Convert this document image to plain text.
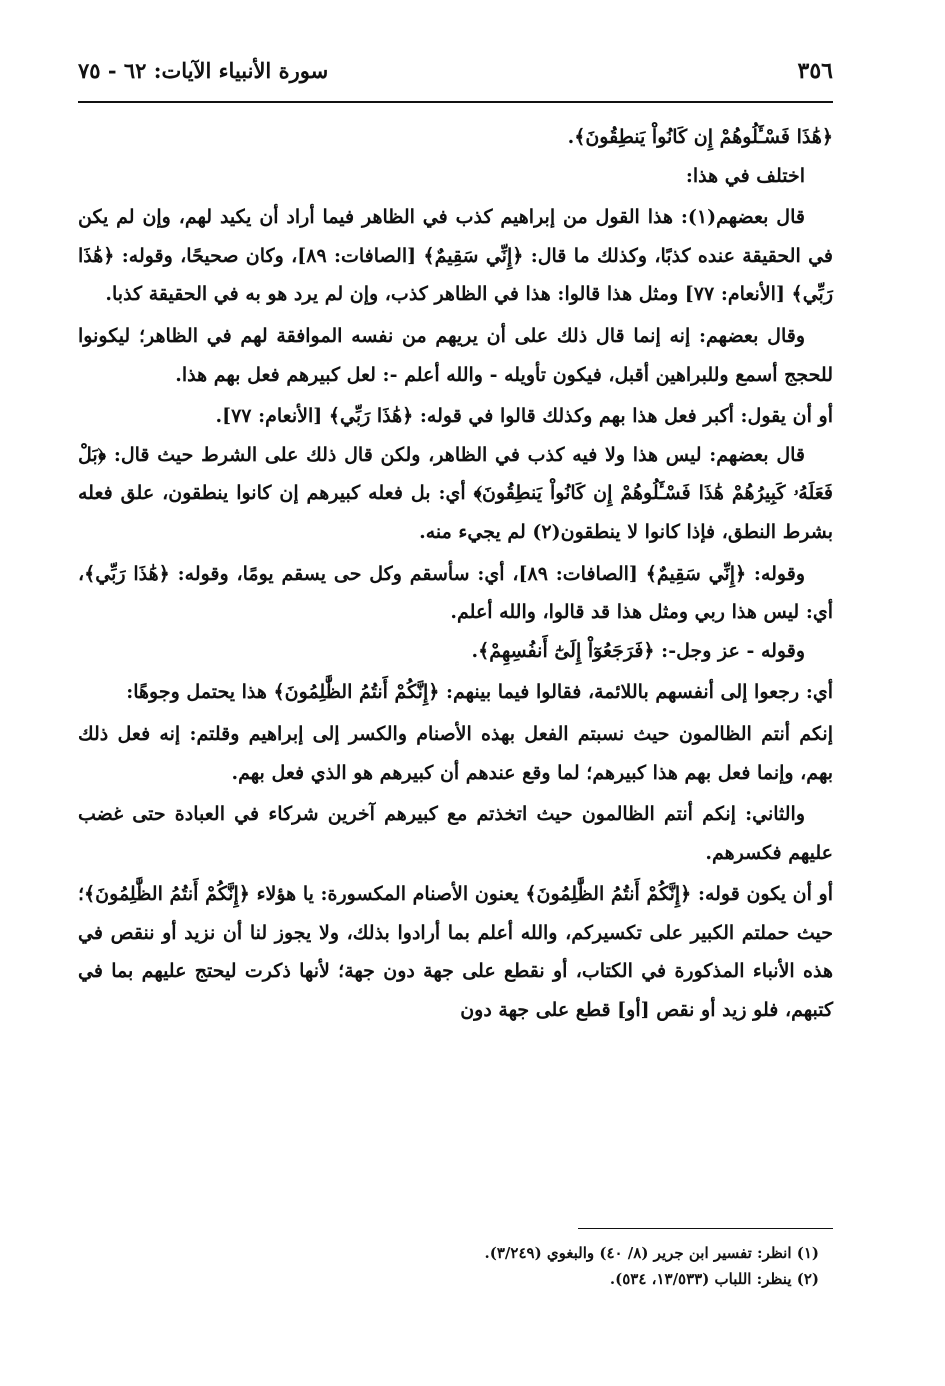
٣٥٦
سورة الأنبياء الآيات: ٦٢ - ٧٥

﴿هَٰذَا فَسْـَٔلُوهُمْ إِن كَانُواْ يَنطِقُونَ﴾.

اختلف في هذا:

قال بعضهم(١): هذا القول من إبراهيم كذب في الظاهر فيما أراد أن يكيد لهم، وإن لم يكن في الحقيقة عنده كذبًا، وكذلك ما قال: ﴿إِنِّي سَقِيمٌ﴾ [الصافات: ٨٩]، وكان صحيحًا، وقوله: ﴿هَٰذَا رَبِّي﴾ [الأنعام: ٧٧] ومثل هذا قالوا: هذا في الظاهر كذب، وإن لم يرد هو به في الحقيقة كذبا.

وقال بعضهم: إنه إنما قال ذلك على أن يريهم من نفسه الموافقة لهم في الظاهر؛ ليكونوا للحجج أسمع وللبراهين أقبل، فيكون تأويله - والله أعلم -: لعل كبيرهم فعل بهم هذا.

أو أن يقول: أكبر فعل هذا بهم وكذلك قالوا في قوله: ﴿هَٰذَا رَبِّي﴾ [الأنعام: ٧٧].

قال بعضهم: ليس هذا ولا فيه كذب في الظاهر، ولكن قال ذلك على الشرط حيث قال: ﴿بَلْ فَعَلَهُۥ كَبِيرُهُمْ هَٰذَا فَسْـَٔلُوهُمْ إِن كَانُواْ يَنطِقُونَ﴾ أي: بل فعله كبيرهم إن كانوا ينطقون، علق فعله بشرط النطق، فإذا كانوا لا ينطقون(٢) لم يجيء منه.

وقوله: ﴿إِنِّي سَقِيمٌ﴾ [الصافات: ٨٩]، أي: سأسقم وكل حى يسقم يومًا، وقوله: ﴿هَٰذَا رَبِّي﴾، أي: ليس هذا ربي ومثل هذا قد قالوا، والله أعلم.

وقوله - عز وجل-: ﴿فَرَجَعُوٓاْ إِلَىٰٓ أَنفُسِهِمْ﴾.

أي: رجعوا إلى أنفسهم باللائمة، فقالوا فيما بينهم: ﴿إِنَّكُمْ أَنتُمُ الظَّٰلِمُونَ﴾ هذا يحتمل وجوهًا:

إنكم أنتم الظالمون حيث نسبتم الفعل بهذه الأصنام والكسر إلى إبراهيم وقلتم: إنه فعل ذلك بهم، وإنما فعل بهم هذا كبيرهم؛ لما وقع عندهم أن كبيرهم هو الذي فعل بهم.

والثاني: إنكم أنتم الظالمون حيث اتخذتم مع كبيرهم آخرين شركاء في العبادة حتى غضب عليهم فكسرهم.

أو أن يكون قوله: ﴿إِنَّكُمْ أَنتُمُ الظَّٰلِمُونَ﴾ يعنون الأصنام المكسورة: يا هؤلاء ﴿إِنَّكُمْ أَنتُمُ الظَّٰلِمُونَ﴾؛ حيث حملتم الكبير على تكسيركم، والله أعلم بما أرادوا بذلك، ولا يجوز لنا أن نزيد أو ننقص في هذه الأنباء المذكورة في الكتاب، أو نقطع على جهة دون جهة؛ لأنها ذكرت ليحتج عليهم بما في كتبهم، فلو زيد أو نقص [أو] قطع على جهة دون

(١) انظر: تفسير ابن جرير (٨/ ٤٠) والبغوي (٣/٢٤٩).

(٢) ينظر: اللباب (١٣/٥٣٣، ٥٣٤).
